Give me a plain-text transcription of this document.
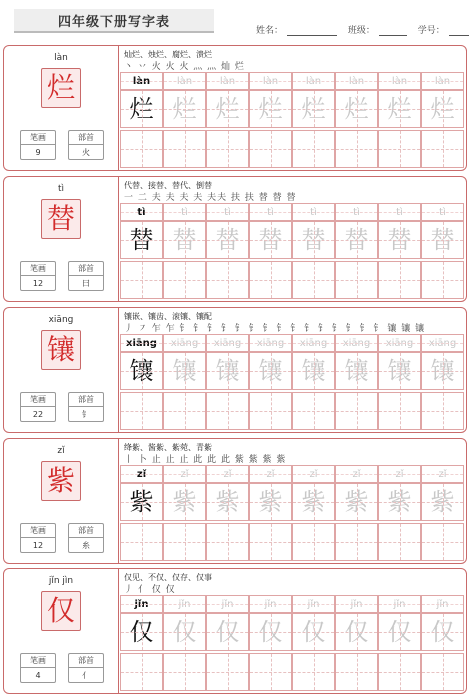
四年级下册写字表
姓名：	班级：	学号：
làn
烂
笔画
9
部首
火
灿烂、烛烂、腐烂、溃烂
丶 丷 火 火 火 灬 灬 灿 烂
làn	làn	làn	làn	làn	làn	làn	làn
烂 烂 烂 烂 烂 烂 烂 烂
tì
替
笔画
12
部首
曰
代替、接替、替代、倒替
一 二 夫 夫 夫 夫 夫夫 扶 扶 替 替 替
tì	tì	tì	tì	tì	tì	tì	tì
替 替 替 替 替 替 替 替
xiāng
镶
笔画
22
部首
钅
镶嵌、镶齿、滚镶、镶配
丿 ㇇ 乍 乍 钅 钅 钅 钅 钅 钅 钅 钅 钅 钅 钅 钅 钅 钅 钅 镶 镶 镶
xiāng	xiāng	xiāng	xiāng	xiāng	xiāng	xiāng	xiāng
镶 镶 镶 镶 镶 镶 镶 镶
zǐ
紫
笔画
12
部首
糸
绛紫、酱紫、紫菀、青紫
丨 卜 止 止 止 此 此 此 紫 紫 紫 紫
zǐ	zǐ	zǐ	zǐ	zǐ	zǐ	zǐ	zǐ
紫 紫 紫 紫 紫 紫 紫 紫
jǐn jìn
仅
笔画
4
部首
亻
仅见、不仅、仅存、仅事
丿 亻 仅 仅
jǐn	jǐn	jǐn	jǐn	jǐn	jǐn	jǐn	jǐn
仅 仅 仅 仅 仅 仅 仅 仅
